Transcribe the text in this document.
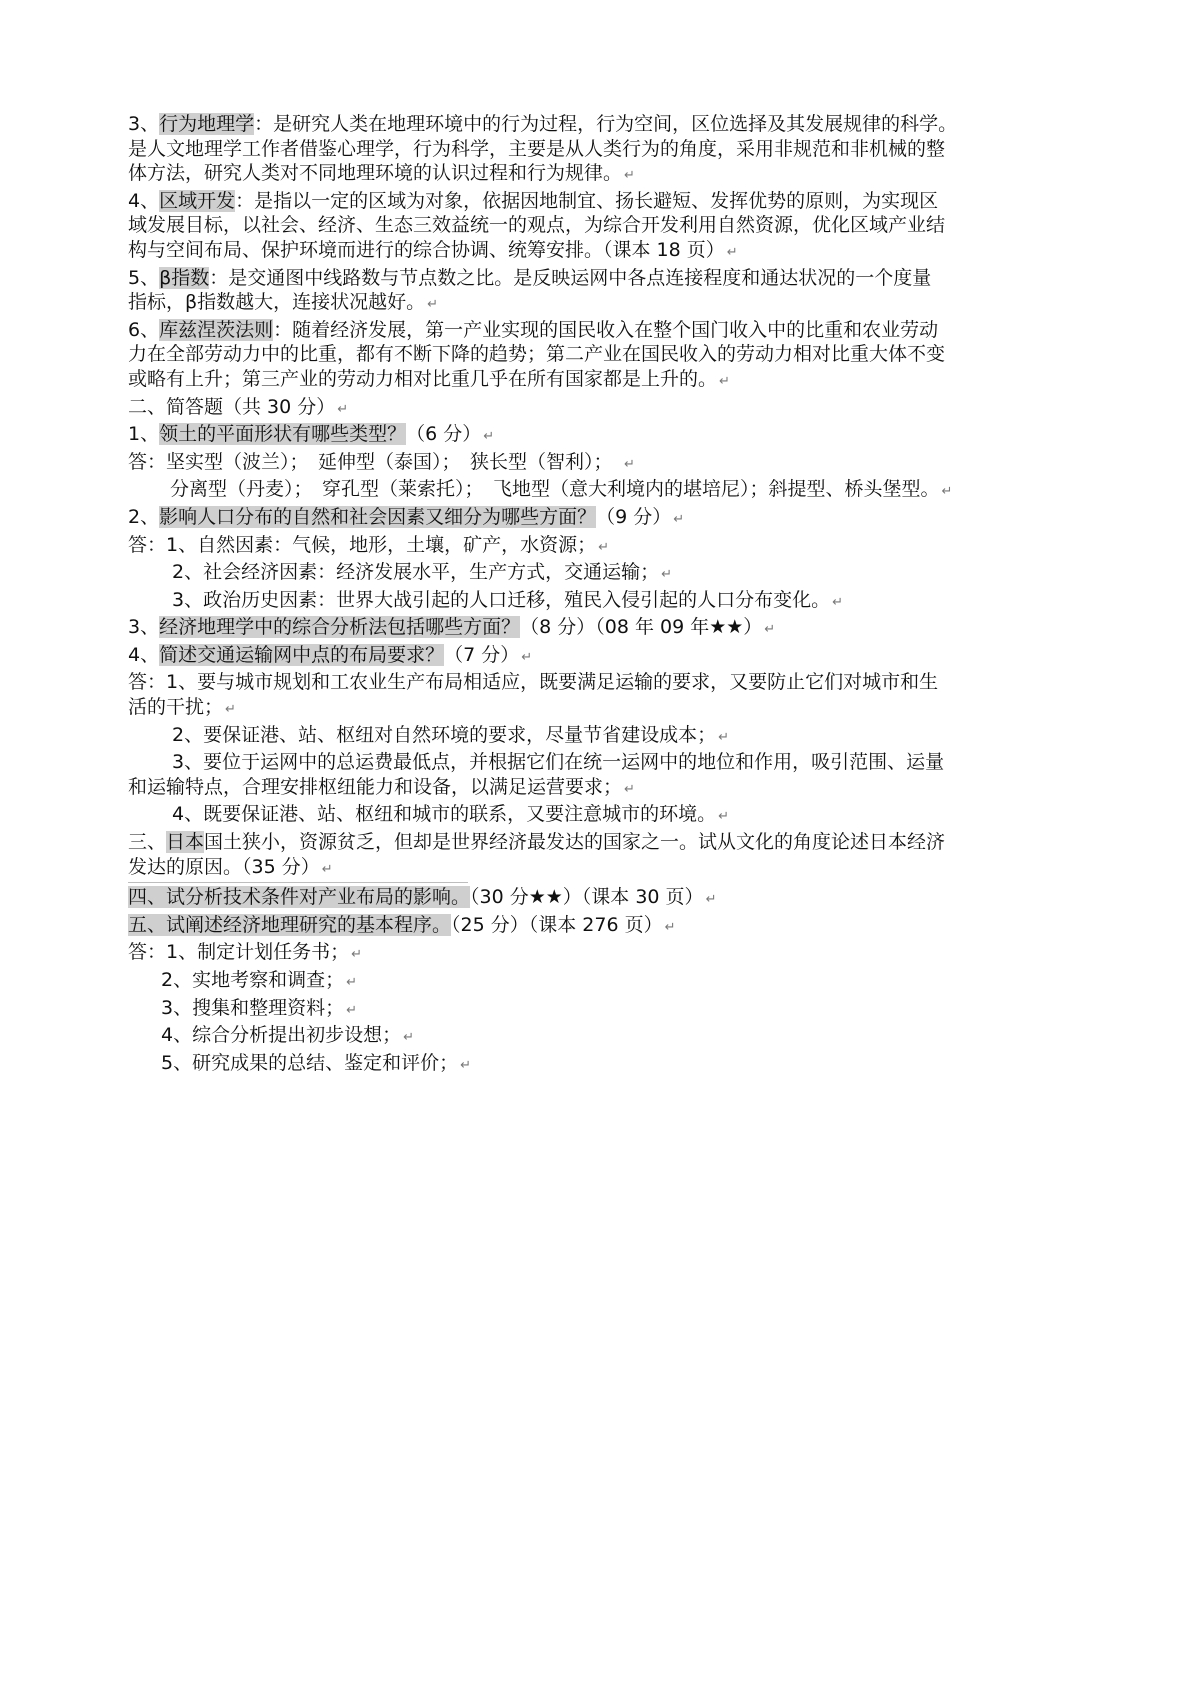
3、行为地理学：是研究人类在地理环境中的行为过程，行为空间，区位选择及其发展规律的科学。
是人文地理学工作者借鉴心理学，行为科学，主要是从人类行为的角度，采用非规范和非机械的整
体方法，研究人类对不同地理环境的认识过程和行为规律。 ↵
4、区域开发：是指以一定的区域为对象，依据因地制宜、扬长避短、发挥优势的原则，为实现区
域发展目标，以社会、经济、生态三效益统一的观点，为综合开发利用自然资源，优化区域产业结
构与空间布局、保护环境而进行的综合协调、统筹安排。（课本 18 页） ↵
5、β指数：是交通图中线路数与节点数之比。是反映运网中各点连接程度和通达状况的一个度量
指标，β指数越大，连接状况越好。 ↵
6、库兹涅茨法则：随着经济发展，第一产业实现的国民收入在整个国门收入中的比重和农业劳动
力在全部劳动力中的比重，都有不断下降的趋势；第二产业在国民收入的劳动力相对比重大体不变
或略有上升；第三产业的劳动力相对比重几乎在所有国家都是上升的。 ↵
二、简答题（共 30 分） ↵
1、领土的平面形状有哪些类型？（6 分） ↵
答：坚实型（波兰）；　延伸型（泰国）；　狭长型（智利）；　↵
分离型（丹麦）；　穿孔型（莱索托）；　飞地型（意大利境内的堪培尼）；斜提型、桥头堡型。 ↵
2、影响人口分布的自然和社会因素又细分为哪些方面？（9 分） ↵
答：1、自然因素：气候，地形，土壤，矿产，水资源； ↵
2、社会经济因素：经济发展水平，生产方式，交通运输； ↵
3、政治历史因素：世界大战引起的人口迁移，殖民入侵引起的人口分布变化。 ↵
3、经济地理学中的综合分析法包括哪些方面？（8 分）（08 年 09 年★★） ↵
4、简述交通运输网中点的布局要求？（7 分） ↵
答：1、要与城市规划和工农业生产布局相适应，既要满足运输的要求，又要防止它们对城市和生
活的干扰； ↵
2、要保证港、站、枢纽对自然环境的要求，尽量节省建设成本； ↵
3、要位于运网中的总运费最低点，并根据它们在统一运网中的地位和作用，吸引范围、运量
和运输特点，合理安排枢纽能力和设备，以满足运营要求； ↵
4、既要保证港、站、枢纽和城市的联系，又要注意城市的环境。 ↵
三、日本国土狭小，资源贫乏，但却是世界经济最发达的国家之一。试从文化的角度论述日本经济
发达的原因。（35 分） ↵
四、试分析技术条件对产业布局的影响。（30 分★★）（课本 30 页） ↵
五、试阐述经济地理研究的基本程序。（25 分）（课本 276 页） ↵
答：1、制定计划任务书； ↵
2、实地考察和调查； ↵
3、搜集和整理资料； ↵
4、综合分析提出初步设想； ↵
5、研究成果的总结、鉴定和评价； ↵
